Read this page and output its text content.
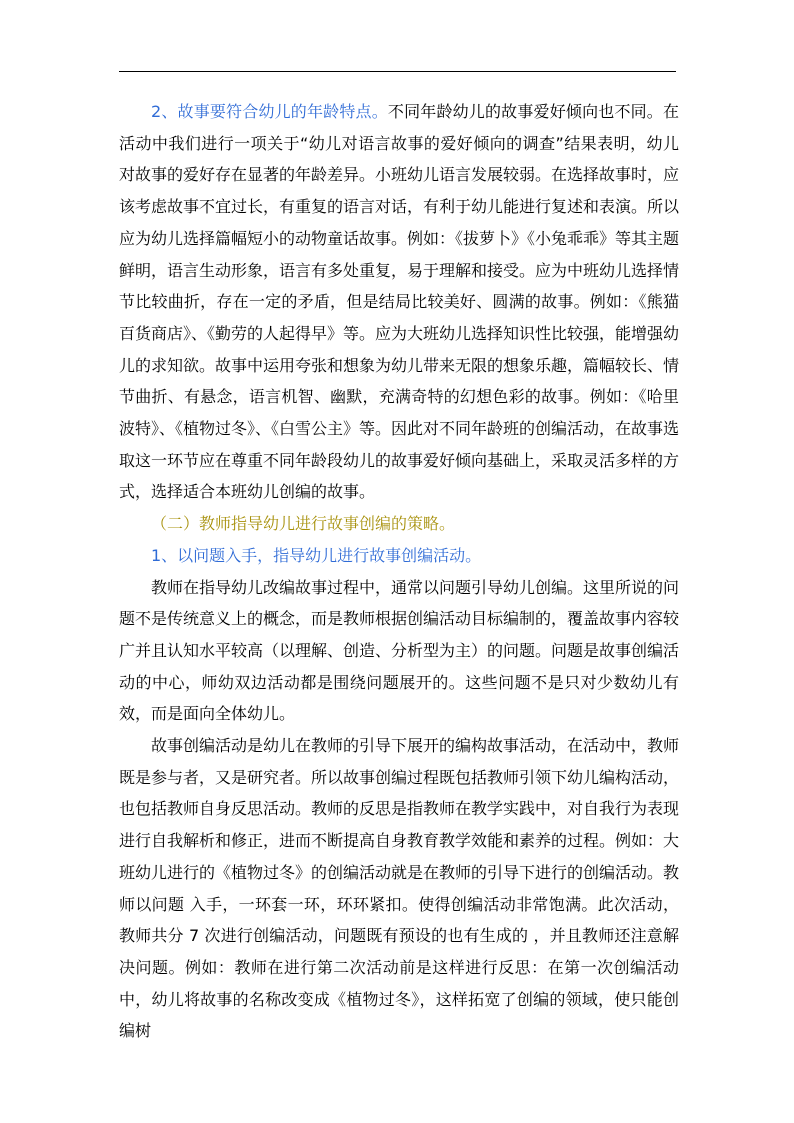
2、故事要符合幼儿的年龄特点。不同年龄幼儿的故事爱好倾向也不同。在活动中我们进行一项关于“幼儿对语言故事的爱好倾向的调查”结果表明，幼儿对故事的爱好存在显著的年龄差异。小班幼儿语言发展较弱。在选择故事时，应该考虑故事不宜过长，有重复的语言对话，有利于幼儿能进行复述和表演。所以应为幼儿选择篇幅短小的动物童话故事。例如：《拔萝卜》《小兔乖乖》等其主题鲜明，语言生动形象，语言有多处重复，易于理解和接受。应为中班幼儿选择情节比较曲折，存在一定的矛盾，但是结局比较美好、圆满的故事。例如：《熊猫百货商店》、《勤劳的人起得早》等。应为大班幼儿选择知识性比较强，能增强幼儿的求知欲。故事中运用夸张和想象为幼儿带来无限的想象乐趣，篇幅较长、情节曲折、有悬念，语言机智、幽默，充满奇特的幻想色彩的故事。例如：《哈里波特》、《植物过冬》、《白雪公主》等。因此对不同年龄班的创编活动，在故事选取这一环节应在尊重不同年龄段幼儿的故事爱好倾向基础上，采取灵活多样的方式，选择适合本班幼儿创编的故事。

（二）教师指导幼儿进行故事创编的策略。

1、以问题入手，指导幼儿进行故事创编活动。

教师在指导幼儿改编故事过程中，通常以问题引导幼儿创编。这里所说的问题不是传统意义上的概念，而是教师根据创编活动目标编制的，覆盖故事内容较广并且认知水平较高（以理解、创造、分析型为主）的问题。问题是故事创编活动的中心，师幼双边活动都是围绕问题展开的。这些问题不是只对少数幼儿有效，而是面向全体幼儿。

故事创编活动是幼儿在教师的引导下展开的编构故事活动，在活动中，教师既是参与者，又是研究者。所以故事创编过程既包括教师引领下幼儿编构活动，也包括教师自身反思活动。教师的反思是指教师在教学实践中，对自我行为表现进行自我解析和修正，进而不断提高自身教育教学效能和素养的过程。例如：大班幼儿进行的《植物过冬》的创编活动就是在教师的引导下进行的创编活动。教师以问题 入手，一环套一环，环环紧扣。使得创编活动非常饱满。此次活动，教师共分 7 次进行创编活动，问题既有预设的也有生成的 ，并且教师还注意解决问题。例如：教师在进行第二次活动前是这样进行反思：在第一次创编活动中，幼儿将故事的名称改变成《植物过冬》，这样拓宽了创编的领域，使只能创编树
